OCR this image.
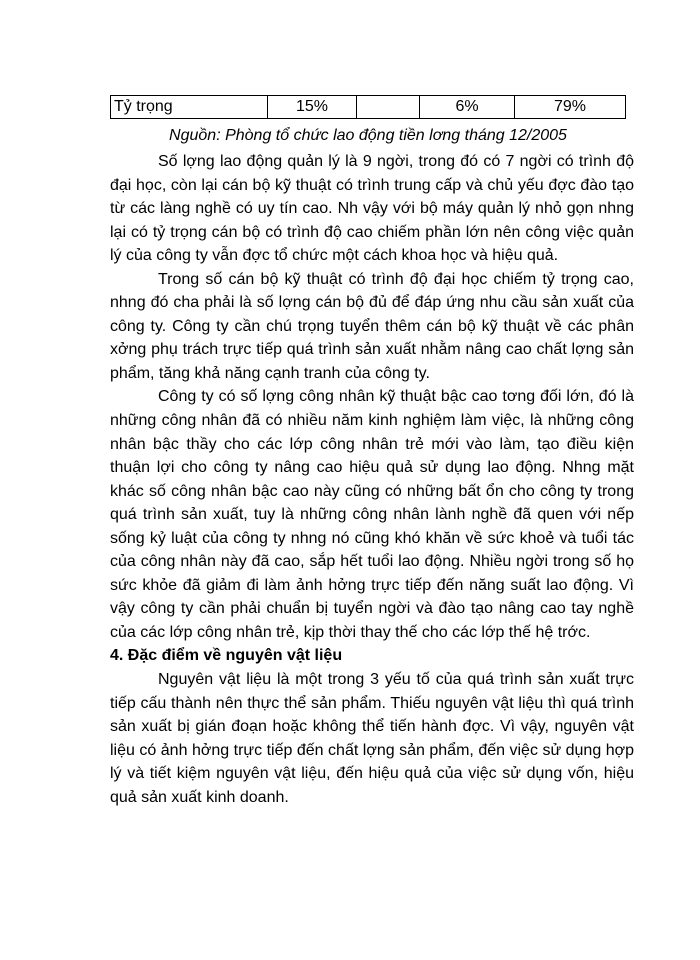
Tỷ trọng	15%		6%	79%
Nguồn: Phòng tổ chức lao động tiền lơng tháng 12/2005

Số lợng lao động quản lý là 9 ngời, trong đó có 7 ngời có trình độ đại học, còn lại cán bộ kỹ thuật có trình trung cấp và chủ yếu đợc đào tạo từ các làng nghề có uy tín cao. Nh vậy với bộ máy quản lý nhỏ gọn nhng lại có tỷ trọng cán bộ có trình độ cao chiếm phần lớn nên công việc quản lý của công ty vẫn đợc tổ chức một cách khoa học và hiệu quả.

Trong số cán bộ kỹ thuật có trình độ đại học chiếm tỷ trọng cao, nhng đó cha phải là số lợng cán bộ đủ để đáp ứng nhu cầu sản xuất của công ty. Công ty cần chú trọng tuyển thêm cán bộ kỹ thuật về các phân xởng phụ trách trực tiếp quá trình sản xuất nhằm nâng cao chất lợng sản phẩm, tăng khả năng cạnh tranh của công ty.

Công ty có số lợng công nhân kỹ thuật bậc cao tơng đối lớn, đó là những công nhân đã có nhiều năm kinh nghiệm làm việc, là những công nhân bậc thầy cho các lớp công nhân trẻ mới vào làm, tạo điều kiện thuận lợi cho công ty nâng cao hiệu quả sử dụng lao động. Nhng mặt khác số công nhân bậc cao này cũng có những bất ổn cho công ty trong quá trình sản xuất, tuy là những công nhân lành nghề đã quen với nếp sống kỷ luật của công ty nhng nó cũng khó khăn về sức khoẻ và tuổi tác của công nhân này đã cao, sắp hết tuổi lao động. Nhiều ngời trong số họ sức khỏe đã giảm đi làm ảnh hởng trực tiếp đến năng suất lao động. Vì vậy công ty cần phải chuẩn bị tuyển ngời và đào tạo nâng cao tay nghề của các lớp công nhân trẻ, kịp thời thay thế cho các lớp thế hệ trớc.

4. Đặc điểm về nguyên vật liệu

Nguyên vật liệu là một trong 3 yếu tố của quá trình sản xuất trực tiếp cấu thành nên thực thể sản phẩm. Thiếu nguyên vật liệu thì quá trình sản xuất bị gián đoạn hoặc không thể tiến hành đợc. Vì vậy, nguyên vật liệu có ảnh hởng trực tiếp đến chất lợng sản phẩm, đến việc sử dụng hợp lý và tiết kiệm nguyên vật liệu, đến hiệu quả của việc sử dụng vốn, hiệu quả sản xuất kinh doanh.
